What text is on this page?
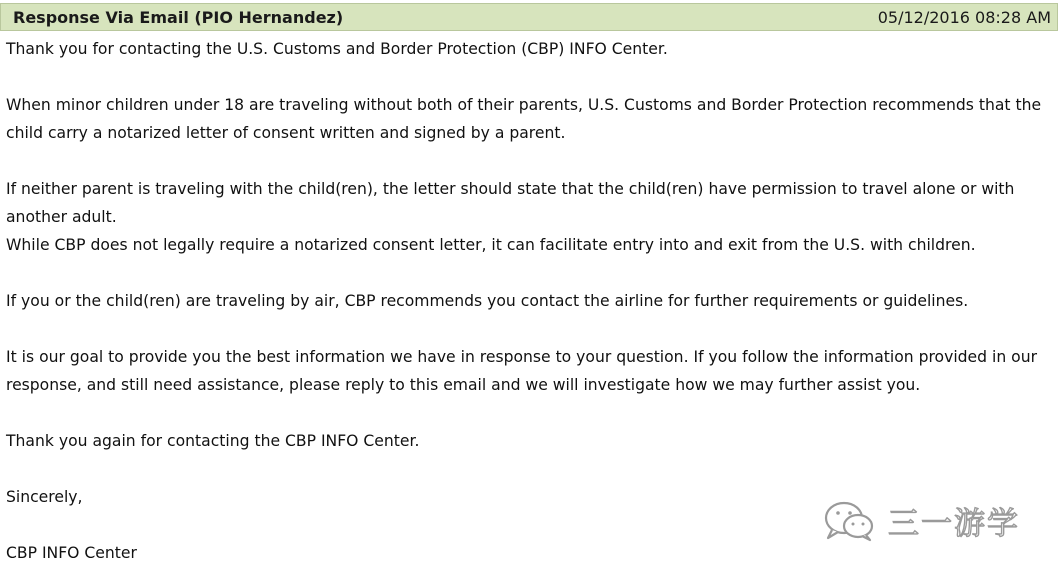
Response Via Email (PIO Hernandez)	05/12/2016 08:28 AM

Thank you for contacting the U.S. Customs and Border Protection (CBP) INFO Center.

When minor children under 18 are traveling without both of their parents, U.S. Customs and Border Protection recommends that the child carry a notarized letter of consent written and signed by a parent.

If neither parent is traveling with the child(ren), the letter should state that the child(ren) have permission to travel alone or with another adult.

While CBP does not legally require a notarized consent letter, it can facilitate entry into and exit from the U.S. with children.

If you or the child(ren) are traveling by air, CBP recommends you contact the airline for further requirements or guidelines.

It is our goal to provide you the best information we have in response to your question. If you follow the information provided in our response, and still need assistance, please reply to this email and we will investigate how we may further assist you.

Thank you again for contacting the CBP INFO Center.

Sincerely,

CBP INFO Center

三一游学
